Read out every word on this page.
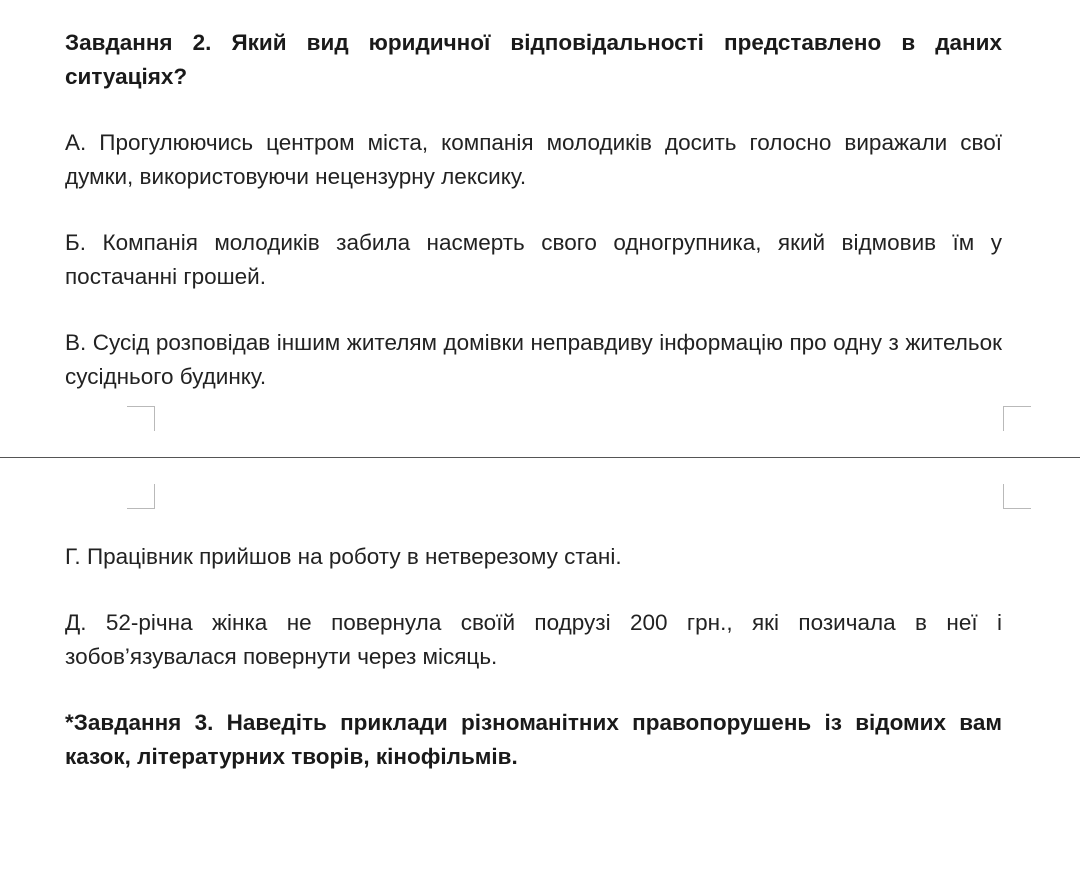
Завдання 2. Який вид юридичної відповідальності представлено в даних ситуаціях?

А. Прогулюючись центром міста, компанія молодиків досить голосно виражали свої думки, використовуючи нецензурну лексику.

Б. Компанія молодиків забила насмерть свого одногрупника, який відмовив їм у постачанні грошей.

В. Сусід розповідав іншим жителям домівки неправдиву інформацію про одну з жительок сусіднього будинку.

Г. Працівник прийшов на роботу в нетверезому стані.

Д. 52-річна жінка не повернула своїй подрузі 200 грн., які позичала в неї і зобов’язувалася повернути через місяць.

*Завдання 3. Наведіть приклади різноманітних правопорушень із відомих вам казок, літературних творів, кінофільмів.
